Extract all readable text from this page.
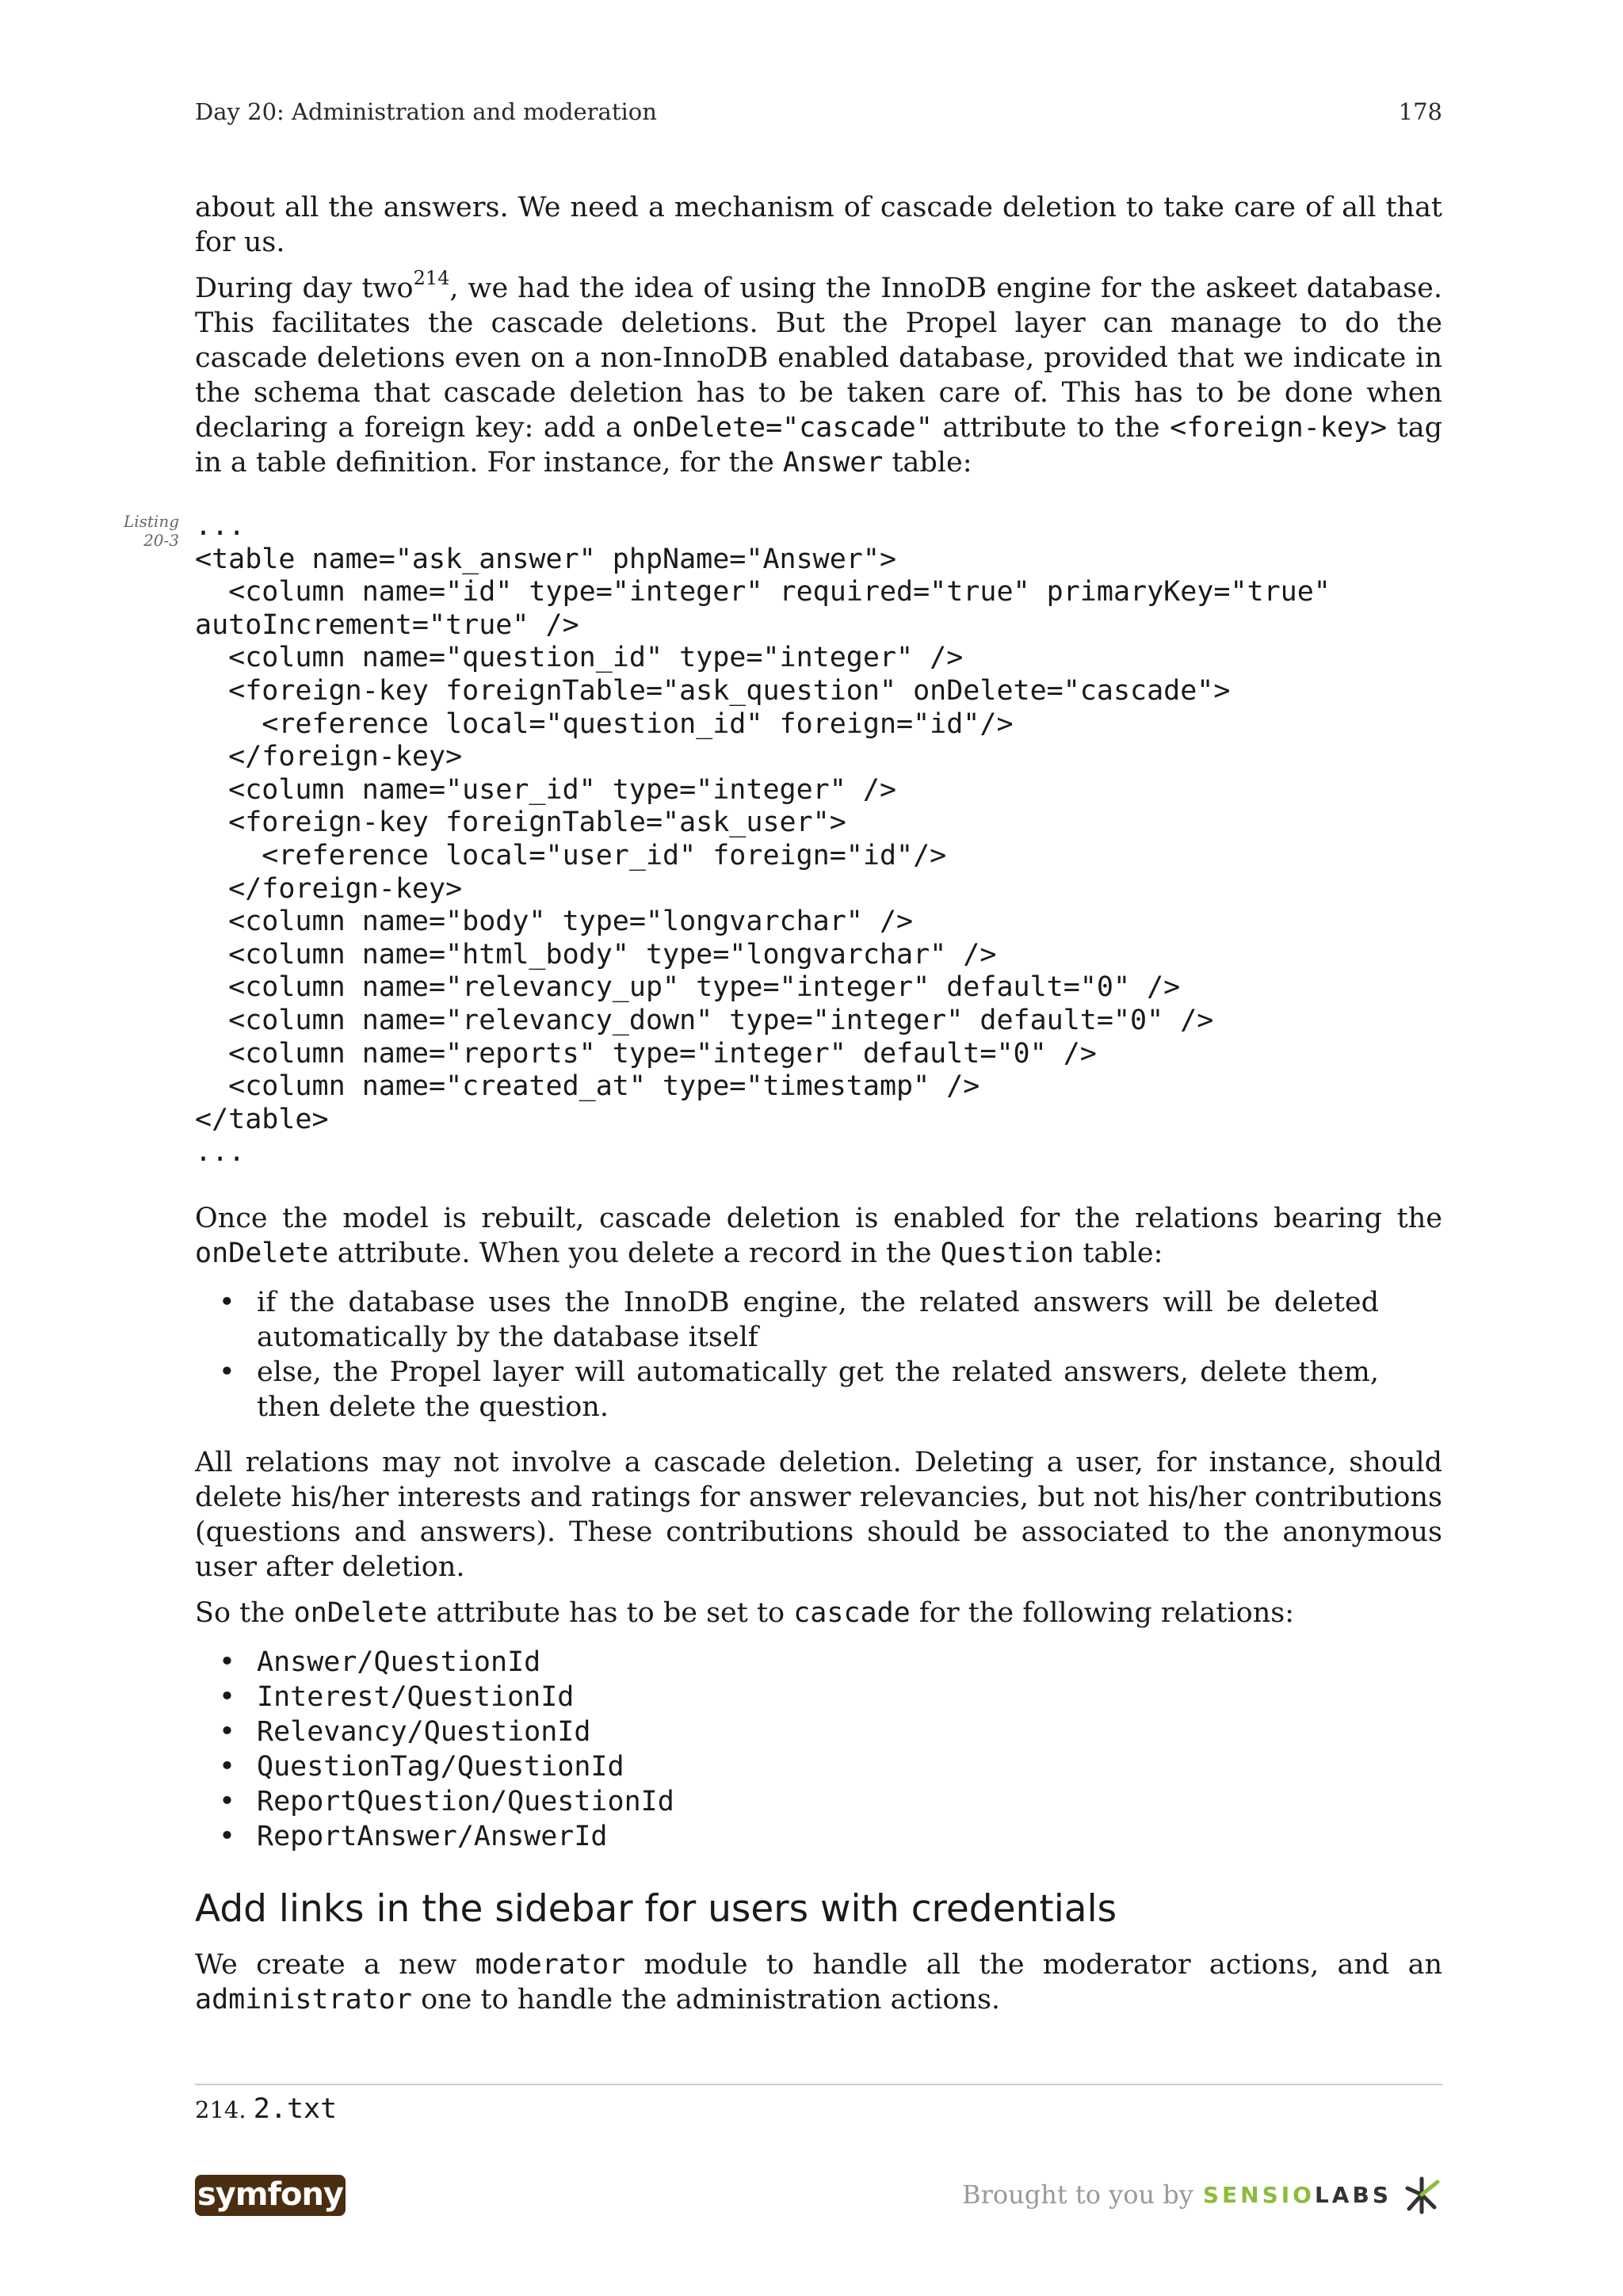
Day 20: Administration and moderation	178

about all the answers. We need a mechanism of cascade deletion to take care of all that for us.

During day two$^{214}$, we had the idea of using the InnoDB engine for the askeet database. This facilitates the cascade deletions. But the Propel layer can manage to do the cascade deletions even on a non-InnoDB enabled database, provided that we indicate in the schema that cascade deletion has to be taken care of. This has to be done when declaring a foreign key: add a onDelete="cascade" attribute to the <foreign-key> tag in a table definition. For instance, for the Answer table:

Listing 20-3 ...
<table name="ask_answer" phpName="Answer">
<column name="id" type="integer" required="true" primaryKey="true"
autoIncrement="true" />
<column name="question_id" type="integer" />
<foreign-key foreignTable="ask_question" onDelete="cascade">
<reference local="question_id" foreign="id"/>
</foreign-key>
<column name="user_id" type="integer" />
<foreign-key foreignTable="ask_user">
<reference local="user_id" foreign="id"/>
</foreign-key>
<column name="body" type="longvarchar" />
<column name="html_body" type="longvarchar" />
<column name="relevancy_up" type="integer" default="0" />
<column name="relevancy_down" type="integer" default="0" />
<column name="reports" type="integer" default="0" />
<column name="created_at" type="timestamp" />
</table>
...

Once the model is rebuilt, cascade deletion is enabled for the relations bearing the onDelete attribute. When you delete a record in the Question table:

• if the database uses the InnoDB engine, the related answers will be deleted automatically by the database itself
• else, the Propel layer will automatically get the related answers, delete them, then delete the question.

All relations may not involve a cascade deletion. Deleting a user, for instance, should delete his/her interests and ratings for answer relevancies, but not his/her contributions (questions and answers). These contributions should be associated to the anonymous user after deletion.

So the onDelete attribute has to be set to cascade for the following relations:

• Answer/QuestionId
• Interest/QuestionId
• Relevancy/QuestionId
• QuestionTag/QuestionId
• ReportQuestion/QuestionId
• ReportAnswer/AnswerId
Add links in the sidebar for users with credentials

We create a new moderator module to handle all the moderator actions, and an administrator one to handle the administration actions.

214. 2.txt
symfony	Brought to you by SENSIOLABS
